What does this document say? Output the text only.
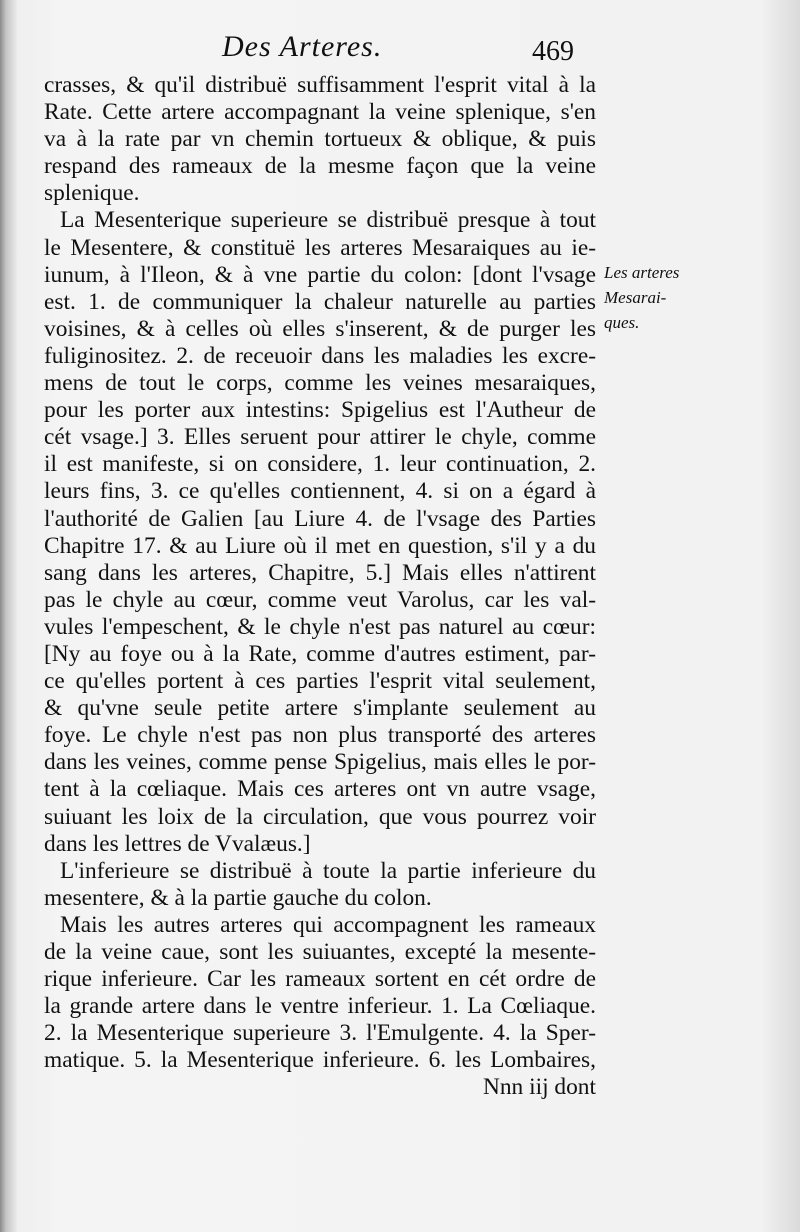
Des Arteres.	469
crasses, & qu'il distribuë suffisamment l'esprit vital à la
Rate. Cette artere accompagnant la veine splenique, s'en
va à la rate par vn chemin tortueux & oblique, & puis
respand des rameaux de la mesme façon que la veine
splenique.
La Mesenterique superieure se distribuë presque à tout
le Mesentere, & constituë les arteres Mesaraiques au ie-
iunum, à l'Ileon, & à vne partie du colon: [dont l'vsage
est. 1. de communiquer la chaleur naturelle au parties
voisines, & à celles où elles s'inserent, & de purger les
fuliginositez. 2. de receuoir dans les maladies les excre-
mens de tout le corps, comme les veines mesaraiques,
pour les porter aux intestins: Spigelius est l'Autheur de
cét vsage.] 3. Elles seruent pour attirer le chyle, comme
il est manifeste, si on considere, 1. leur continuation, 2.
leurs fins, 3. ce qu'elles contiennent, 4. si on a égard à
l'authorité de Galien [au Liure 4. de l'vsage des Parties
Chapitre 17. & au Liure où il met en question, s'il y a du
sang dans les arteres, Chapitre, 5.] Mais elles n'attirent
pas le chyle au cœur, comme veut Varolus, car les val-
vules l'empeschent, & le chyle n'est pas naturel au cœur:
[Ny au foye ou à la Rate, comme d'autres estiment, par-
ce qu'elles portent à ces parties l'esprit vital seulement,
& qu'vne seule petite artere s'implante seulement au
foye. Le chyle n'est pas non plus transporté des arteres
dans les veines, comme pense Spigelius, mais elles le por-
tent à la cœliaque. Mais ces arteres ont vn autre vsage,
suiuant les loix de la circulation, que vous pourrez voir
dans les lettres de Vvalæus.]
L'inferieure se distribuë à toute la partie inferieure du
mesentere, & à la partie gauche du colon.
Mais les autres arteres qui accompagnent les rameaux
de la veine caue, sont les suiuantes, excepté la mesente-
rique inferieure. Car les rameaux sortent en cét ordre de
la grande artere dans le ventre inferieur. 1. La Cœliaque.
2. la Mesenterique superieure 3. l'Emulgente. 4. la Sper-
matique. 5. la Mesenterique inferieure. 6. les Lombaires,
Nnn iij dont
Les arteres
Mesarai-
ques.
